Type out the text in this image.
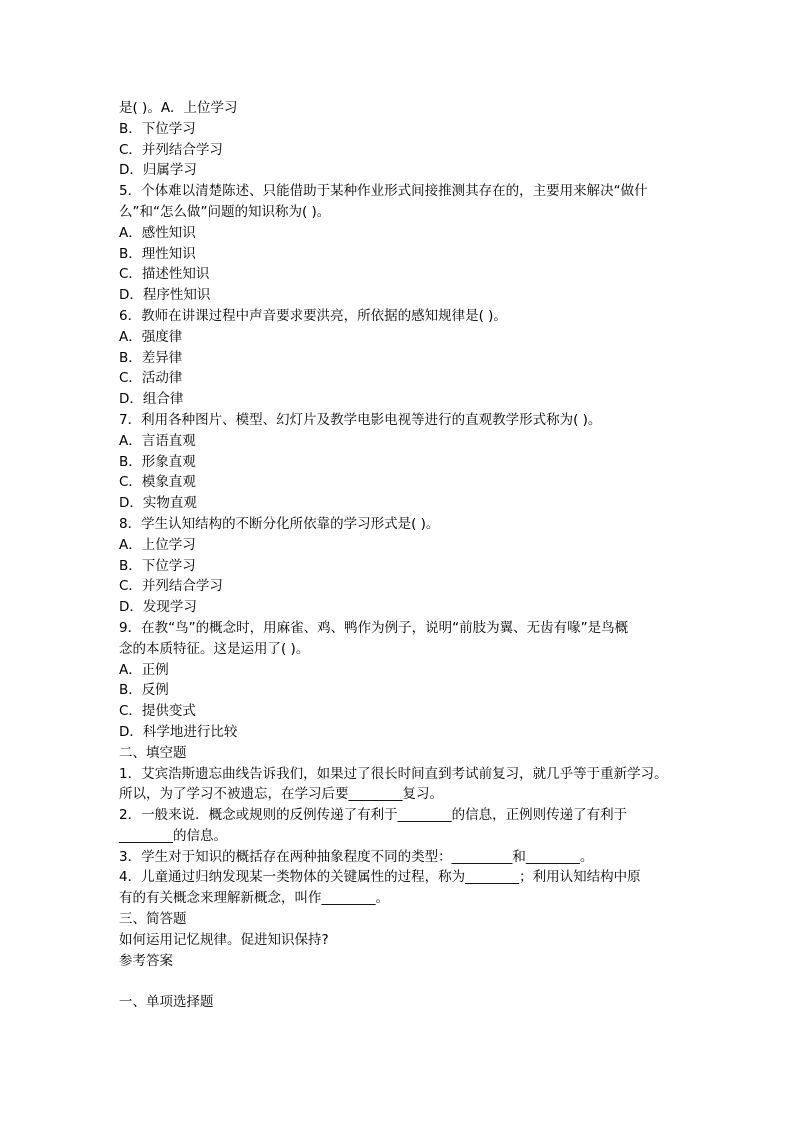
是( )。A．上位学习
B．下位学习
C．并列结合学习
D．归属学习
5．个体难以清楚陈述、只能借助于某种作业形式间接推测其存在的，主要用来解决“做什
么”和“怎么做”问题的知识称为( )。
A．感性知识
B．理性知识
C．描述性知识
D．程序性知识
6．教师在讲课过程中声音要求要洪亮，所依据的感知规律是( )。
A．强度律
B．差异律
C．活动律
D．组合律
7．利用各种图片、模型、幻灯片及教学电影电视等进行的直观教学形式称为( )。
A．言语直观
B．形象直观
C．模象直观
D．实物直观
8．学生认知结构的不断分化所依靠的学习形式是( )。
A．上位学习
B．下位学习
C．并列结合学习
D．发现学习
9．在教“鸟”的概念时，用麻雀、鸡、鸭作为例子，说明“前肢为翼、无齿有喙”是鸟概
念的本质特征。这是运用了( )。
A．正例
B．反例
C．提供变式
D．科学地进行比较
二、填空题
1．艾宾浩斯遗忘曲线告诉我们，如果过了很长时间直到考试前复习，就几乎等于重新学习。
所以，为了学习不被遗忘，在学习后要________复习。
2．一般来说．概念或规则的反例传递了有利于________的信息，正例则传递了有利于
________的信息。
3．学生对于知识的概括存在两种抽象程度不同的类型：_________和________。
4．儿童通过归纳发现某一类物体的关键属性的过程，称为________；利用认知结构中原
有的有关概念来理解新概念，叫作________。
三、简答题
如何运用记忆规律。促进知识保持?
参考答案
一、单项选择题
